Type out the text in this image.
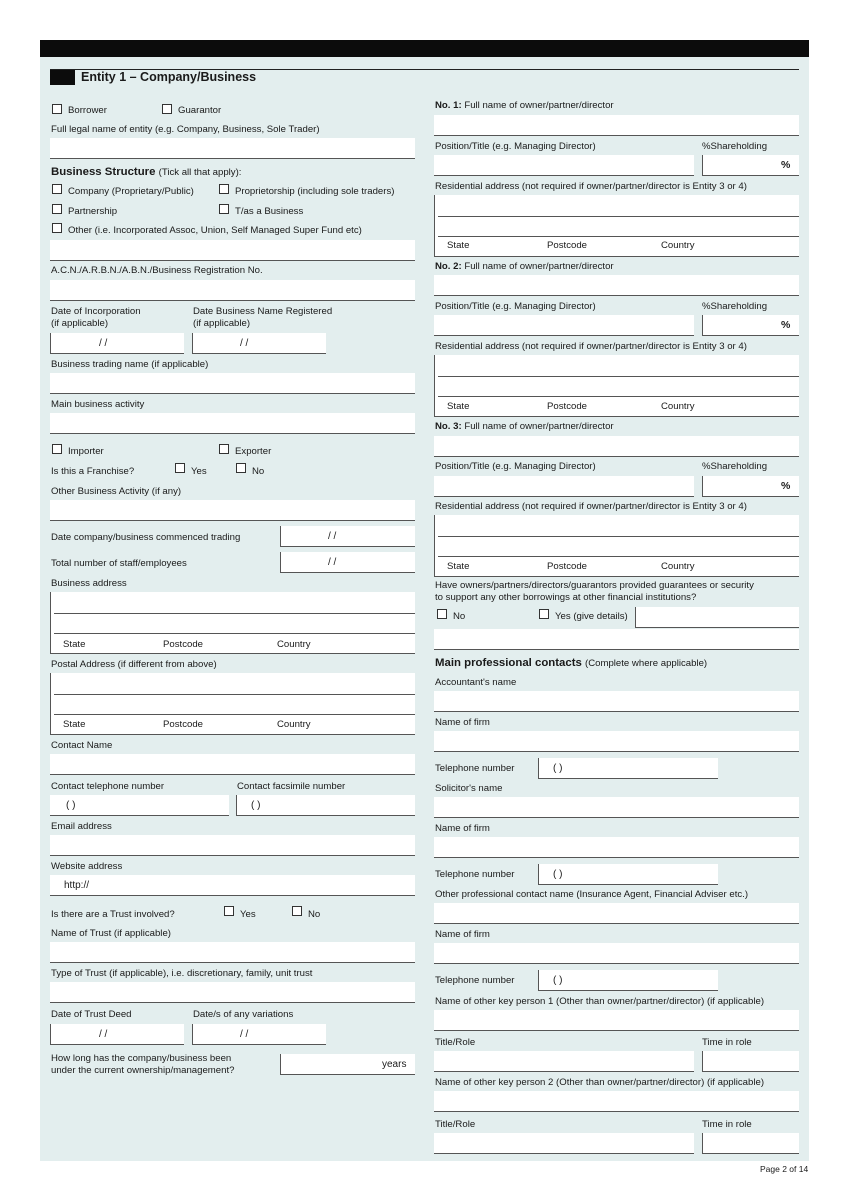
Entity 1 – Company/Business
Borrower	Guarantor
Full legal name of entity (e.g. Company, Business, Sole Trader)
Business Structure (Tick all that apply):
Company (Proprietary/Public)	Proprietorship (including sole traders)
Partnership	T/as a Business
Other (i.e. Incorporated Assoc, Union, Self Managed Super Fund etc)
A.C.N./A.R.B.N./A.B.N./Business Registration No.
Date of Incorporation
(if applicable)
Date Business Name Registered
(if applicable)
/ /	/ /
Business trading name (if applicable)
Main business activity
Importer	Exporter
Is this a Franchise?	Yes	No
Other Business Activity (if any)
Date company/business commenced trading	/ /
Total number of staff/employees	/ /
Business address
State	Postcode	Country
Postal Address (if different from above)
State	Postcode	Country
Contact Name
Contact telephone number	Contact facsimile number
( )	( )
Email address
Website address
http://
Is there are a Trust involved?	Yes	No
Name of Trust (if applicable)
Type of Trust (if applicable), i.e. discretionary, family, unit trust
Date of Trust Deed	Date/s of any variations
/ /	/ /
How long has the company/business been
under the current ownership/management?	years
No. 1: Full name of owner/partner/director
Position/Title (e.g. Managing Director)	%Shareholding
%
Residential address (not required if owner/partner/director is Entity 3 or 4)
State	Postcode	Country
No. 2: Full name of owner/partner/director
Position/Title (e.g. Managing Director)	%Shareholding
%
Residential address (not required if owner/partner/director is Entity 3 or 4)
State	Postcode	Country
No. 3: Full name of owner/partner/director
Position/Title (e.g. Managing Director)	%Shareholding
%
Residential address (not required if owner/partner/director is Entity 3 or 4)
State	Postcode	Country
Have owners/partners/directors/guarantors provided guarantees or security
to support any other borrowings at other financial institutions?
No	Yes (give details)
Main professional contacts (Complete where applicable)
Accountant's name
Name of firm
Telephone number	( )
Solicitor's name
Name of firm
Telephone number	( )
Other professional contact name (Insurance Agent, Financial Adviser etc.)
Name of firm
Telephone number	( )
Name of other key person 1 (Other than owner/partner/director) (if applicable)
Title/Role	Time in role
Name of other key person 2 (Other than owner/partner/director) (if applicable)
Title/Role	Time in role
Page 2 of 14
